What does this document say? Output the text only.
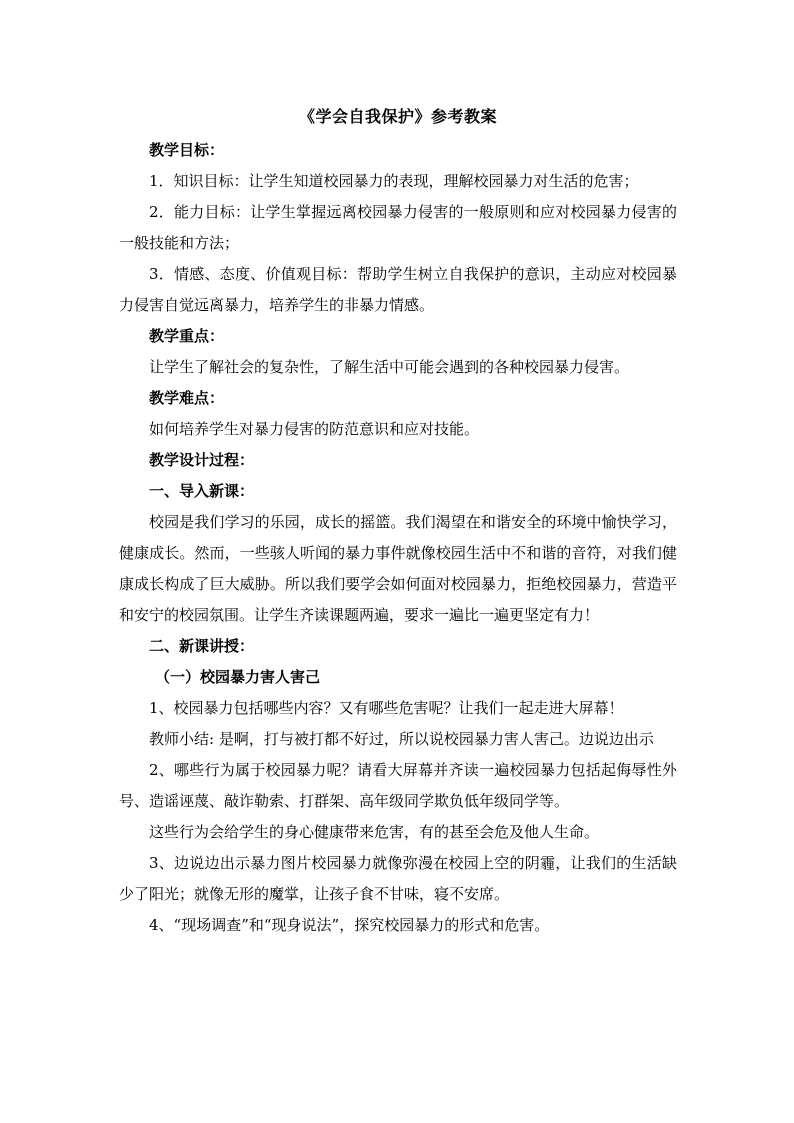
《学会自我保护》参考教案

教学目标：

1．知识目标：让学生知道校园暴力的表现，理解校园暴力对生活的危害；

2．能力目标：让学生掌握远离校园暴力侵害的一般原则和应对校园暴力侵害的一般技能和方法；

3．情感、态度、价值观目标：帮助学生树立自我保护的意识，主动应对校园暴力侵害自觉远离暴力，培养学生的非暴力情感。

教学重点：

让学生了解社会的复杂性，了解生活中可能会遇到的各种校园暴力侵害。

教学难点：

如何培养学生对暴力侵害的防范意识和应对技能。

教学设计过程：

一、导入新课：

校园是我们学习的乐园，成长的摇篮。我们渴望在和谐安全的环境中愉快学习，健康成长。然而，一些骇人听闻的暴力事件就像校园生活中不和谐的音符，对我们健康成长构成了巨大威胁。所以我们要学会如何面对校园暴力，拒绝校园暴力，营造平和安宁的校园氛围。让学生齐读课题两遍，要求一遍比一遍更坚定有力！

二、新课讲授：

（一）校园暴力害人害己

1、校园暴力包括哪些内容？又有哪些危害呢？让我们一起走进大屏幕！

教师小结: 是啊，打与被打都不好过，所以说校园暴力害人害己。边说边出示

2、哪些行为属于校园暴力呢？请看大屏幕并齐读一遍校园暴力包括起侮辱性外号、造谣诬蔑、敲诈勒索、打群架、高年级同学欺负低年级同学等。

这些行为会给学生的身心健康带来危害，有的甚至会危及他人生命。

3、边说边出示暴力图片校园暴力就像弥漫在校园上空的阴霾，让我们的生活缺少了阳光；就像无形的魔掌，让孩子食不甘味，寝不安席。

4、“现场调查”和“现身说法”，探究校园暴力的形式和危害。
